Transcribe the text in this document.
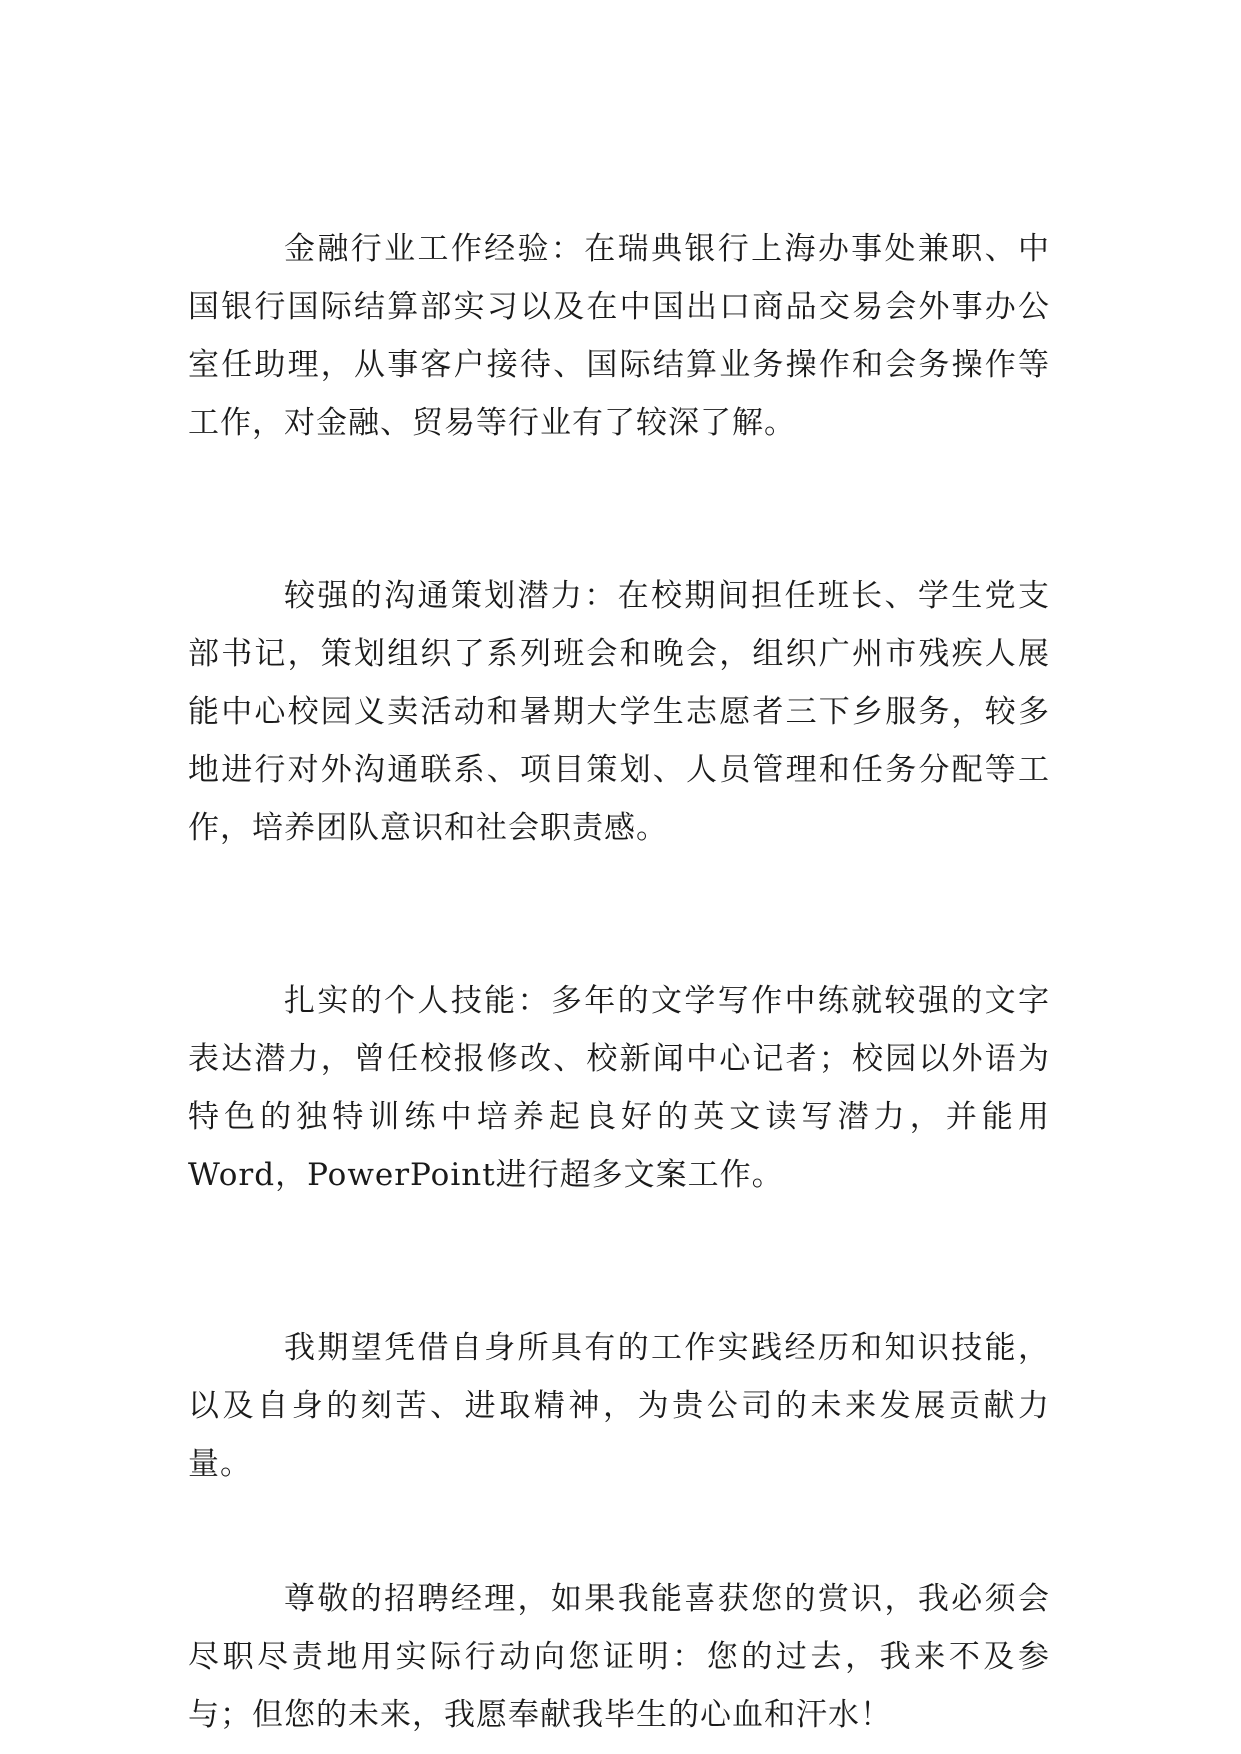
金融行业工作经验：在瑞典银行上海办事处兼职、中国银行国际结算部实习以及在中国出口商品交易会外事办公室任助理，从事客户接待、国际结算业务操作和会务操作等工作，对金融、贸易等行业有了较深了解。

较强的沟通策划潜力：在校期间担任班长、学生党支部书记，策划组织了系列班会和晚会，组织广州市残疾人展能中心校园义卖活动和暑期大学生志愿者三下乡服务，较多地进行对外沟通联系、项目策划、人员管理和任务分配等工作，培养团队意识和社会职责感。

扎实的个人技能：多年的文学写作中练就较强的文字表达潜力，曾任校报修改、校新闻中心记者；校园以外语为特色的独特训练中培养起良好的英文读写潜力，并能用Word，PowerPoint进行超多文案工作。

我期望凭借自身所具有的工作实践经历和知识技能，以及自身的刻苦、进取精神，为贵公司的未来发展贡献力量。

尊敬的招聘经理，如果我能喜获您的赏识，我必须会尽职尽责地用实际行动向您证明：您的过去，我来不及参与；但您的未来，我愿奉献我毕生的心血和汗水！
